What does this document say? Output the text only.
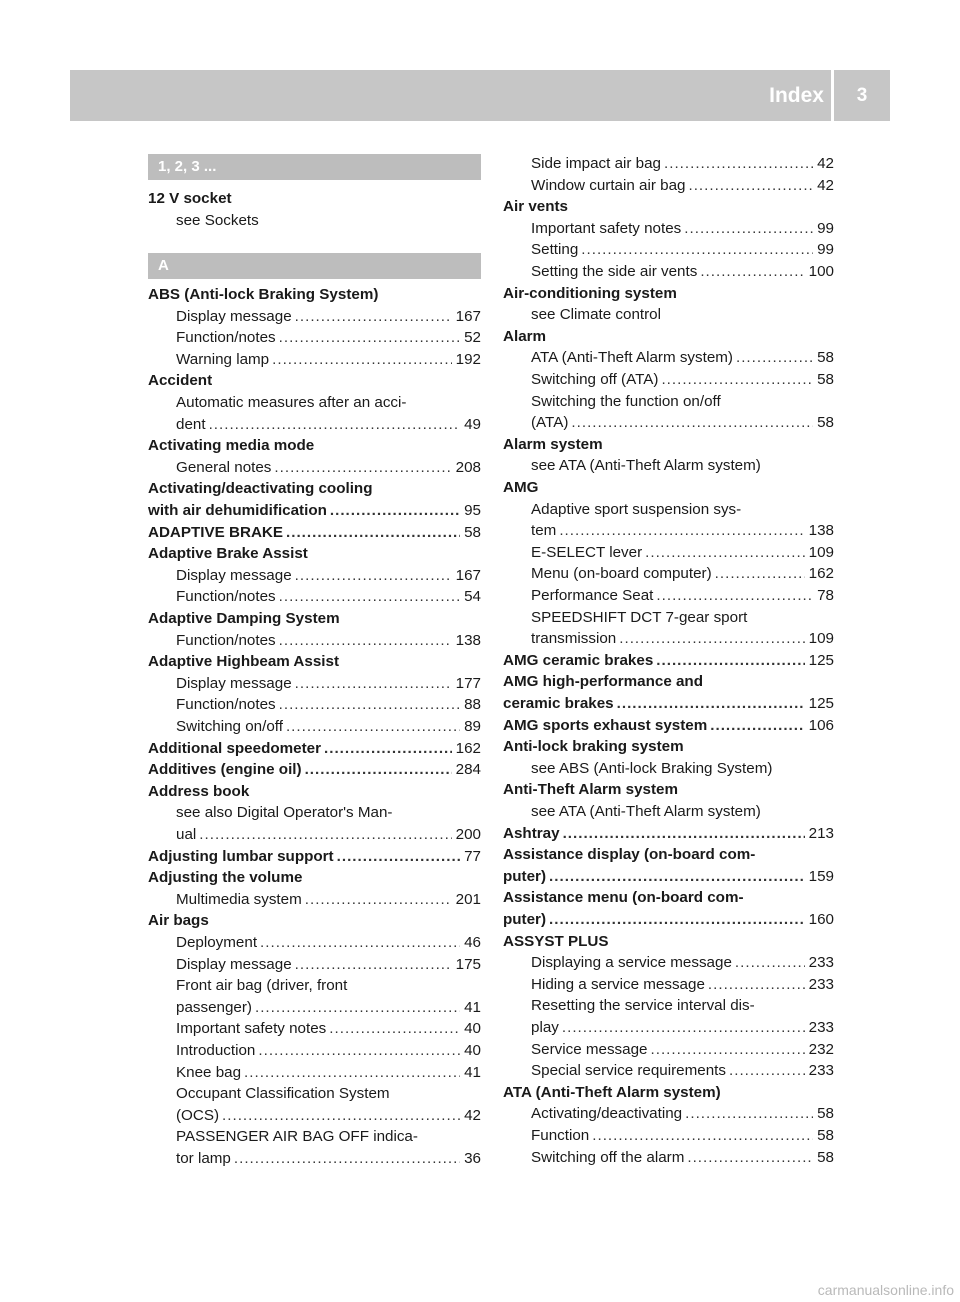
Index	3
1, 2, 3 ...
A
12 V socket
see Sockets
ABS (Anti-lock Braking System)
Display message .....	167
Function/notes .....	52
Warning lamp .....	192
Accident
Automatic measures after an acci-
dent .....	49
Activating media mode
General notes .....	208
Activating/deactivating cooling
with air dehumidification .....	95
ADAPTIVE BRAKE .....	58
Adaptive Brake Assist
Display message .....	167
Function/notes .....	54
Adaptive Damping System
Function/notes .....	138
Adaptive Highbeam Assist
Display message .....	177
Function/notes .....	88
Switching on/off .....	89
Additional speedometer .....	162
Additives (engine oil) .....	284
Address book
see also Digital Operator's Man-
ual .....	200
Adjusting lumbar support .....	77
Adjusting the volume
Multimedia system .....	201
Air bags
Deployment .....	46
Display message .....	175
Front air bag (driver, front
passenger) .....	41
Important safety notes .....	40
Introduction .....	40
Knee bag .....	41
Occupant Classification System
(OCS) .....	42
PASSENGER AIR BAG OFF indica-
tor lamp .....	36
Side impact air bag .....	42
Window curtain air bag .....	42
Air vents
Important safety notes .....	99
Setting .....	99
Setting the side air vents .....	100
Air-conditioning system
see Climate control
Alarm
ATA (Anti-Theft Alarm system) .....	58
Switching off (ATA) .....	58
Switching the function on/off
(ATA) .....	58
Alarm system
see ATA (Anti-Theft Alarm system)
AMG
Adaptive sport suspension sys-
tem .....	138
E-SELECT lever .....	109
Menu (on-board computer) .....	162
Performance Seat .....	78
SPEEDSHIFT DCT 7-gear sport
transmission .....	109
AMG ceramic brakes .....	125
AMG high-performance and
ceramic brakes .....	125
AMG sports exhaust system .....	106
Anti-lock braking system
see ABS (Anti-lock Braking System)
Anti-Theft Alarm system
see ATA (Anti-Theft Alarm system)
Ashtray .....	213
Assistance display (on-board com-
puter) .....	159
Assistance menu (on-board com-
puter) .....	160
ASSYST PLUS
Displaying a service message .....	233
Hiding a service message .....	233
Resetting the service interval dis-
play .....	233
Service message .....	232
Special service requirements .....	233
ATA (Anti-Theft Alarm system)
Activating/deactivating .....	58
Function .....	58
Switching off the alarm .....	58
carmanualsonline.info
